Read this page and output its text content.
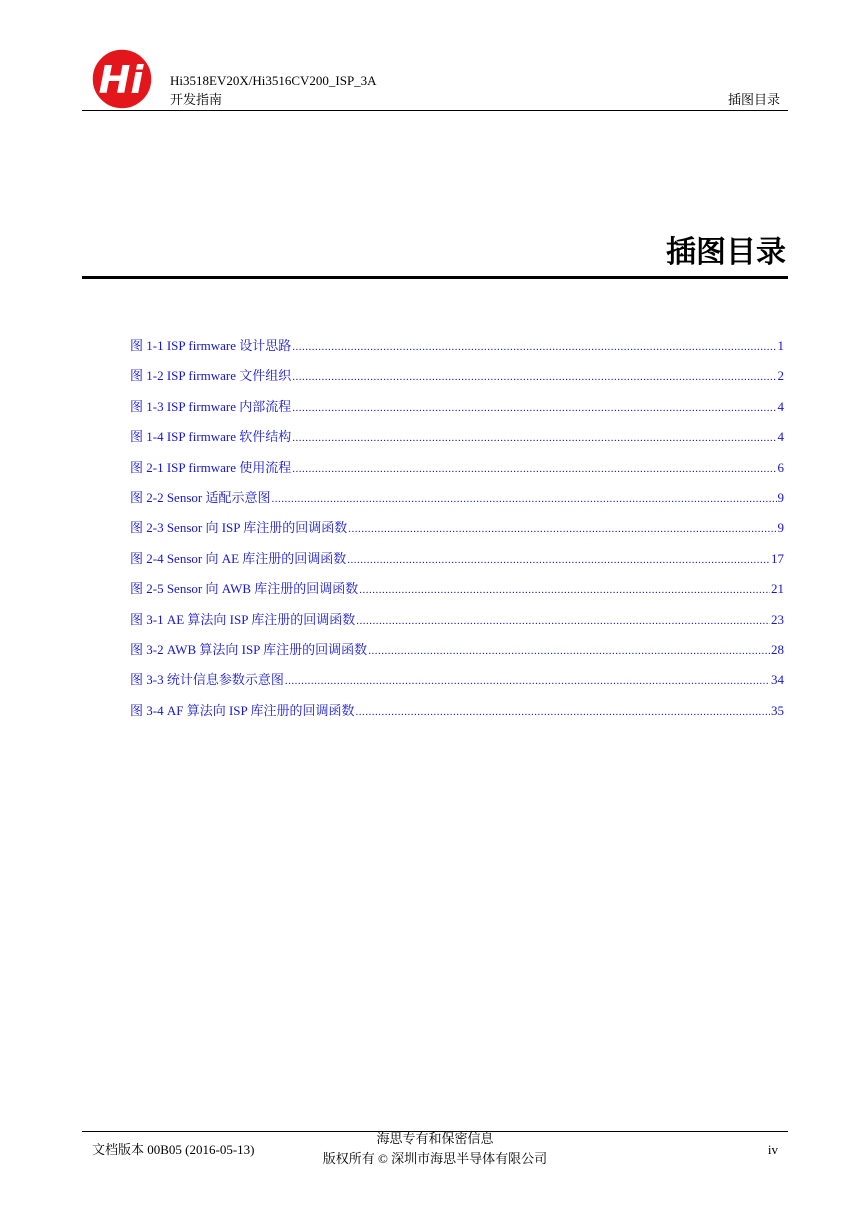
Hi Hi3518EV20X/Hi3516CV200_ISP_3A
开发指南	插图目录
插图目录
图 1-1 ISP firmware 设计思路 .....	1
图 1-2 ISP firmware 文件组织 .....	2
图 1-3 ISP firmware 内部流程 .....	4
图 1-4 ISP firmware 软件结构 .....	4
图 2-1 ISP firmware 使用流程 .....	6
图 2-2 Sensor 适配示意图 .....	9
图 2-3 Sensor 向 ISP 库注册的回调函数 .....	9
图 2-4 Sensor 向 AE 库注册的回调函数 .....	17
图 2-5 Sensor 向 AWB 库注册的回调函数 .....	21
图 3-1 AE 算法向 ISP 库注册的回调函数 .....	23
图 3-2 AWB 算法向 ISP 库注册的回调函数 .....	28
图 3-3 统计信息参数示意图 .....	34
图 3-4 AF 算法向 ISP 库注册的回调函数 .....	35
文档版本 00B05 (2016-05-13)
海思专有和保密信息
版权所有 © 深圳市海思半导体有限公司
iv
